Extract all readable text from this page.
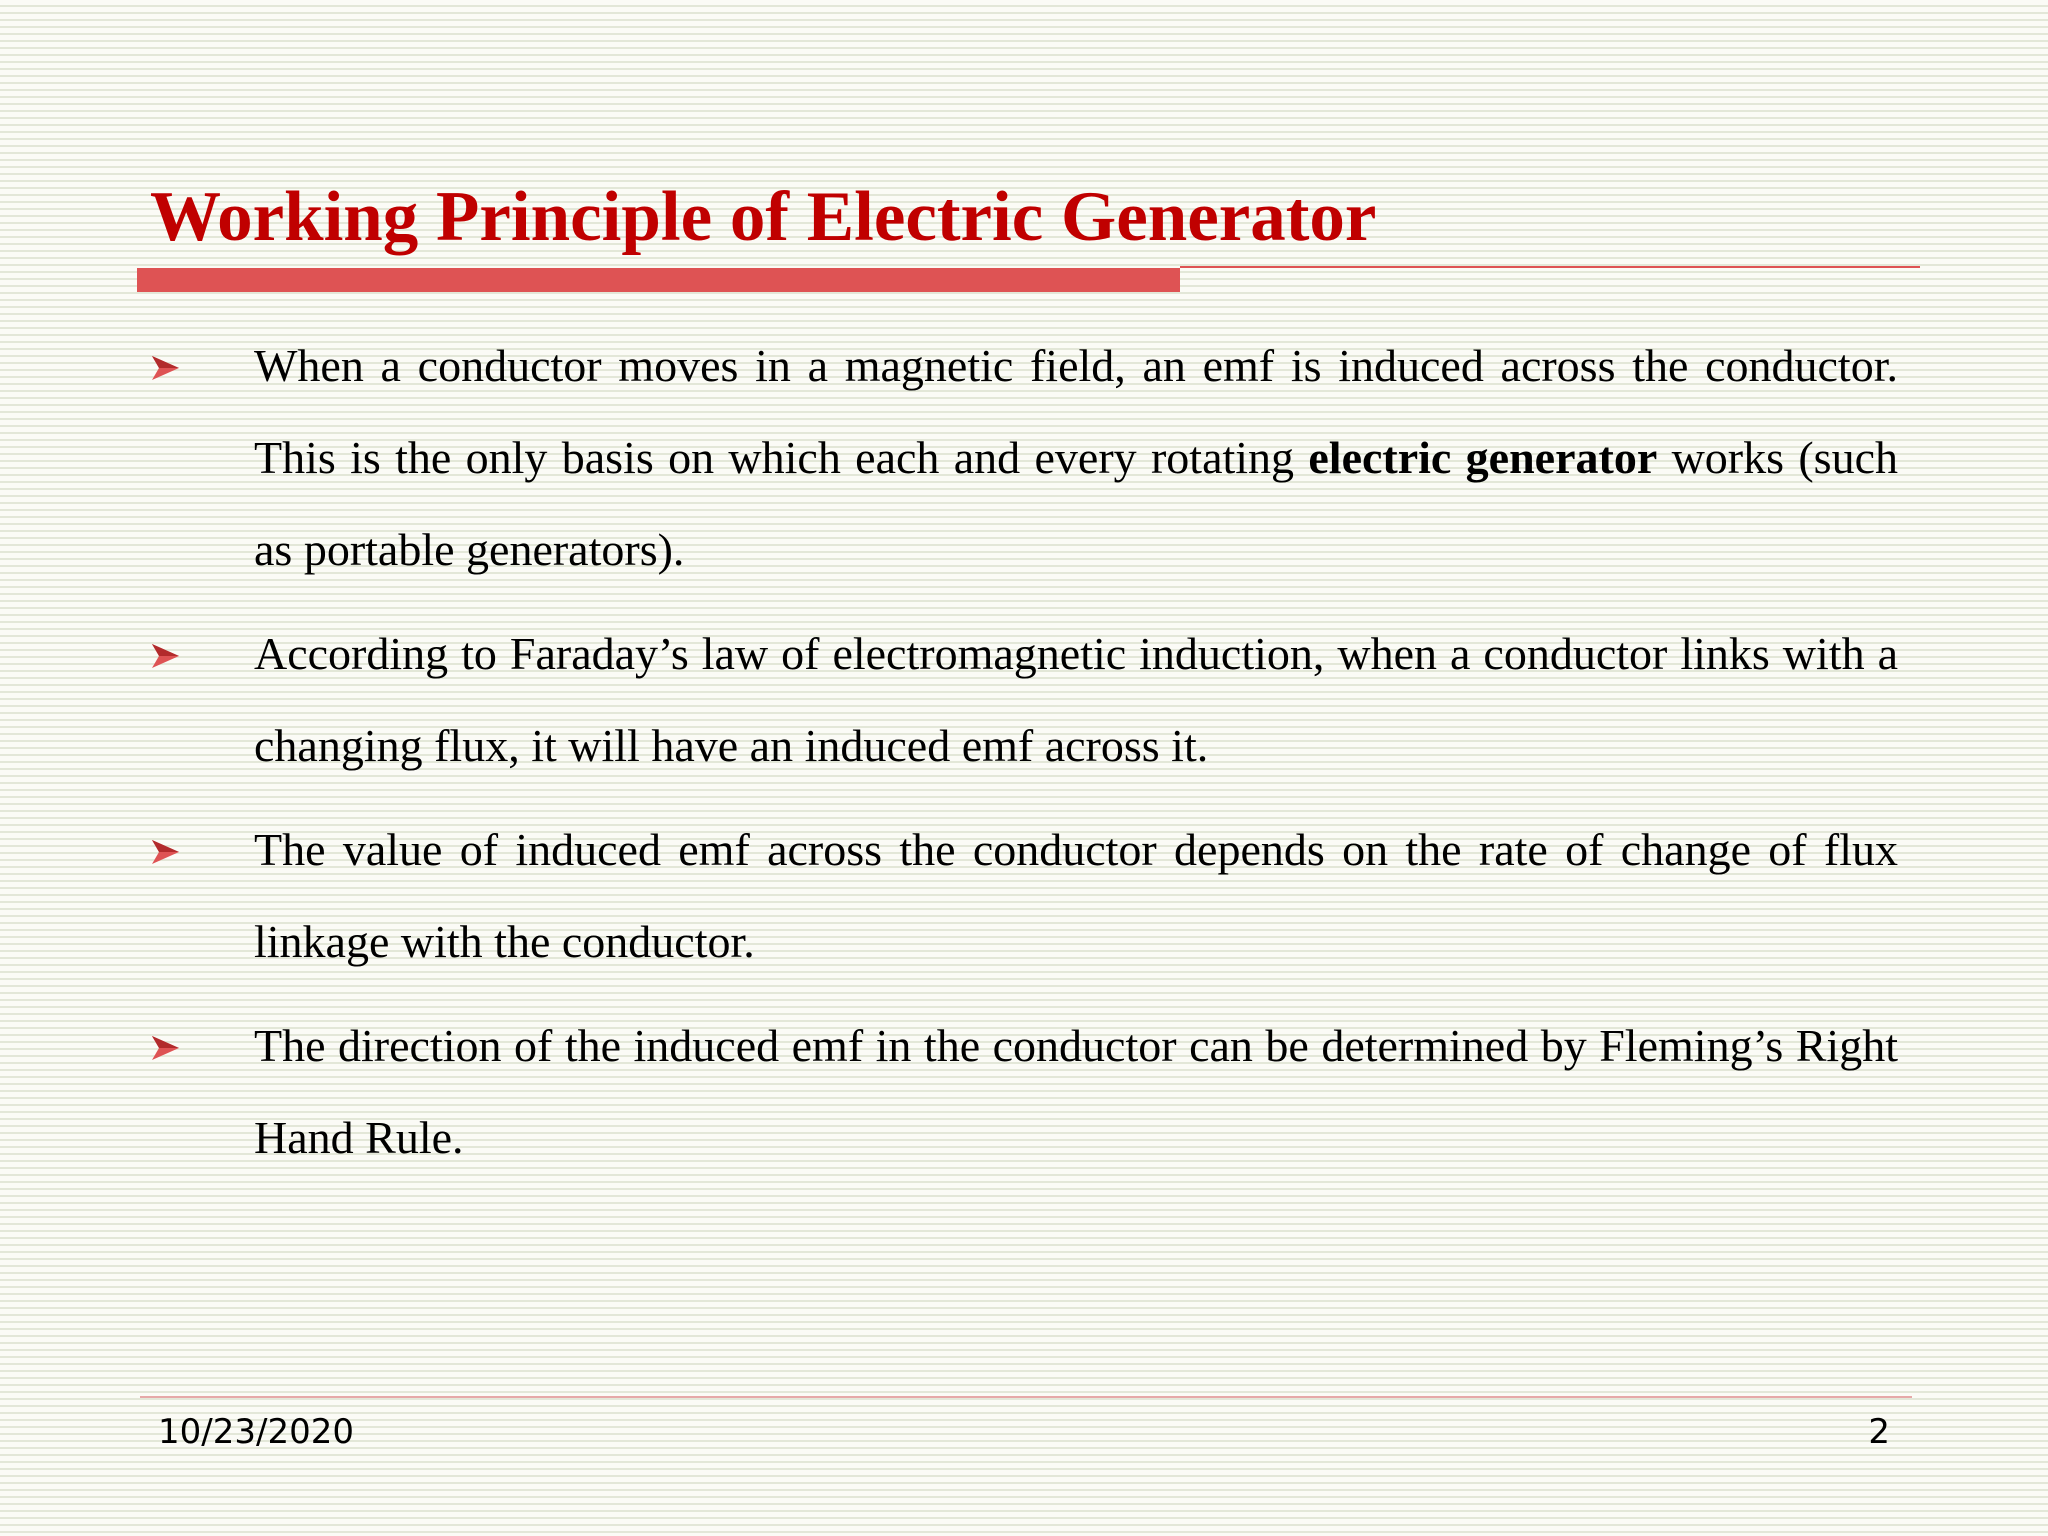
Working Principle of Electric Generator
When a conductor moves in a magnetic field, an emf is induced across the conductor. This is the only basis on which each and every rotating electric generator works (such as portable generators).
According to Faraday’s law of electromagnetic induction, when a conductor links with a changing flux, it will have an induced emf across it.
The value of induced emf across the conductor depends on the rate of change of flux linkage with the conductor.
The direction of the induced emf in the conductor can be determined by Fleming’s Right Hand Rule.
10/23/2020	2
